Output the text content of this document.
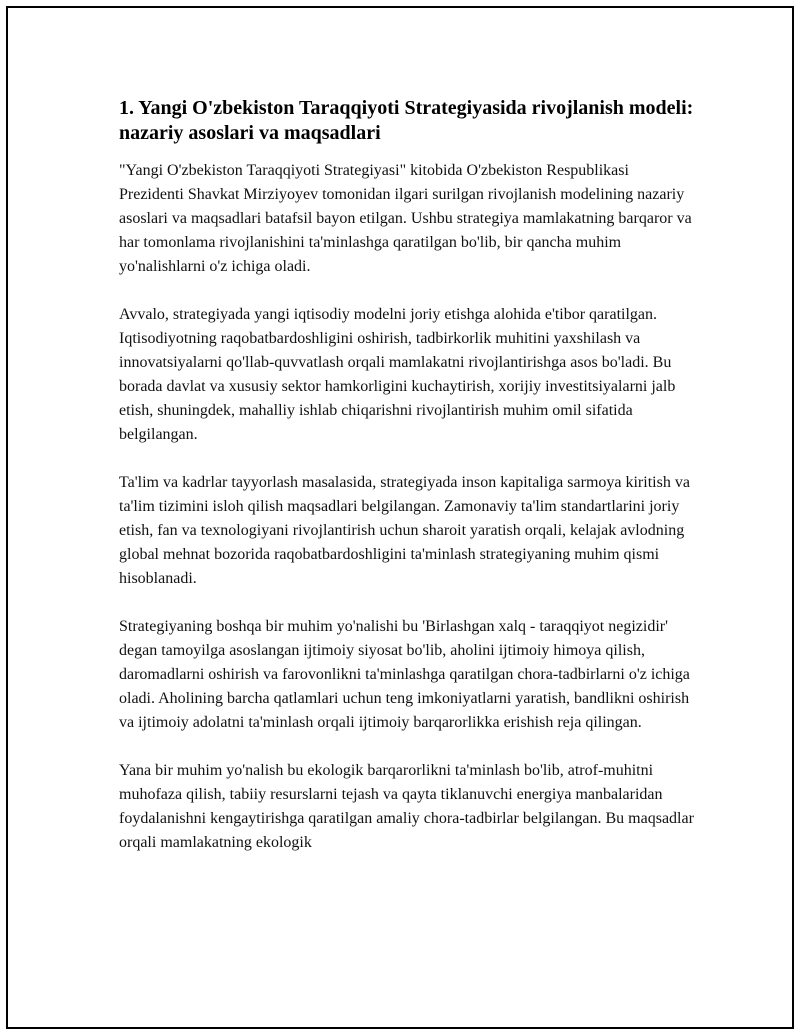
1. Yangi O'zbekiston Taraqqiyoti Strategiyasida rivojlanish modeli: nazariy asoslari va maqsadlari

"Yangi O'zbekiston Taraqqiyoti Strategiyasi" kitobida O'zbekiston Respublikasi Prezidenti Shavkat Mirziyoyev tomonidan ilgari surilgan rivojlanish modelining nazariy asoslari va maqsadlari batafsil bayon etilgan. Ushbu strategiya mamlakatning barqaror va har tomonlama rivojlanishini ta'minlashga qaratilgan bo'lib, bir qancha muhim yo'nalishlarni o'z ichiga oladi.

Avvalo, strategiyada yangi iqtisodiy modelni joriy etishga alohida e'tibor qaratilgan. Iqtisodiyotning raqobatbardoshligini oshirish, tadbirkorlik muhitini yaxshilash va innovatsiyalarni qo'llab-quvvatlash orqali mamlakatni rivojlantirishga asos bo'ladi. Bu borada davlat va xususiy sektor hamkorligini kuchaytirish, xorijiy investitsiyalarni jalb etish, shuningdek, mahalliy ishlab chiqarishni rivojlantirish muhim omil sifatida belgilangan.

Ta'lim va kadrlar tayyorlash masalasida, strategiyada inson kapitaliga sarmoya kiritish va ta'lim tizimini isloh qilish maqsadlari belgilangan. Zamonaviy ta'lim standartlarini joriy etish, fan va texnologiyani rivojlantirish uchun sharoit yaratish orqali, kelajak avlodning global mehnat bozorida raqobatbardoshligini ta'minlash strategiyaning muhim qismi hisoblanadi.

Strategiyaning boshqa bir muhim yo'nalishi bu 'Birlashgan xalq - taraqqiyot negizidir' degan tamoyilga asoslangan ijtimoiy siyosat bo'lib, aholini ijtimoiy himoya qilish, daromadlarni oshirish va farovonlikni ta'minlashga qaratilgan chora-tadbirlarni o'z ichiga oladi. Aholining barcha qatlamlari uchun teng imkoniyatlarni yaratish, bandlikni oshirish va ijtimoiy adolatni ta'minlash orqali ijtimoiy barqarorlikka erishish reja qilingan.

Yana bir muhim yo'nalish bu ekologik barqarorlikni ta'minlash bo'lib, atrof-muhitni muhofaza qilish, tabiiy resurslarni tejash va qayta tiklanuvchi energiya manbalaridan foydalanishni kengaytirishga qaratilgan amaliy chora-tadbirlar belgilangan. Bu maqsadlar orqali mamlakatning ekologik
